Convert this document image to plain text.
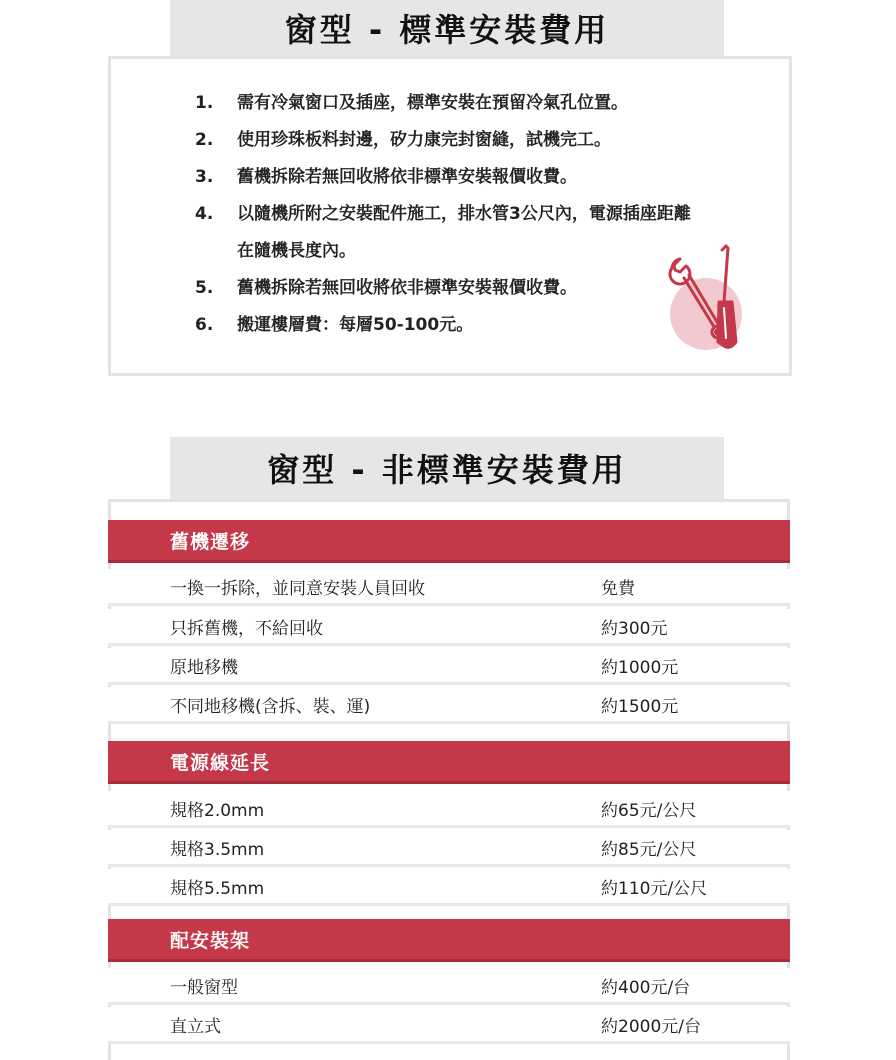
窗型 - 標準安裝費用
1.	需有冷氣窗口及插座，標準安裝在預留冷氣孔位置。
2.	使用珍珠板料封邊，矽力康完封窗縫，試機完工。
3.	舊機拆除若無回收將依非標準安裝報價收費。
4.	以隨機所附之安裝配件施工，排水管3公尺內，電源插座距離在隨機長度內。
5.	舊機拆除若無回收將依非標準安裝報價收費。
6.	搬運樓層費：每層50-100元。
窗型 - 非標準安裝費用
舊機遷移
一換一拆除，並同意安裝人員回收	免費
只拆舊機，不給回收	約300元
原地移機	約1000元
不同地移機(含拆、裝、運)	約1500元
電源線延長
規格2.0mm	約65元/公尺
規格3.5mm	約85元/公尺
規格5.5mm	約110元/公尺
配安裝架
一般窗型	約400元/台
直立式	約2000元/台
